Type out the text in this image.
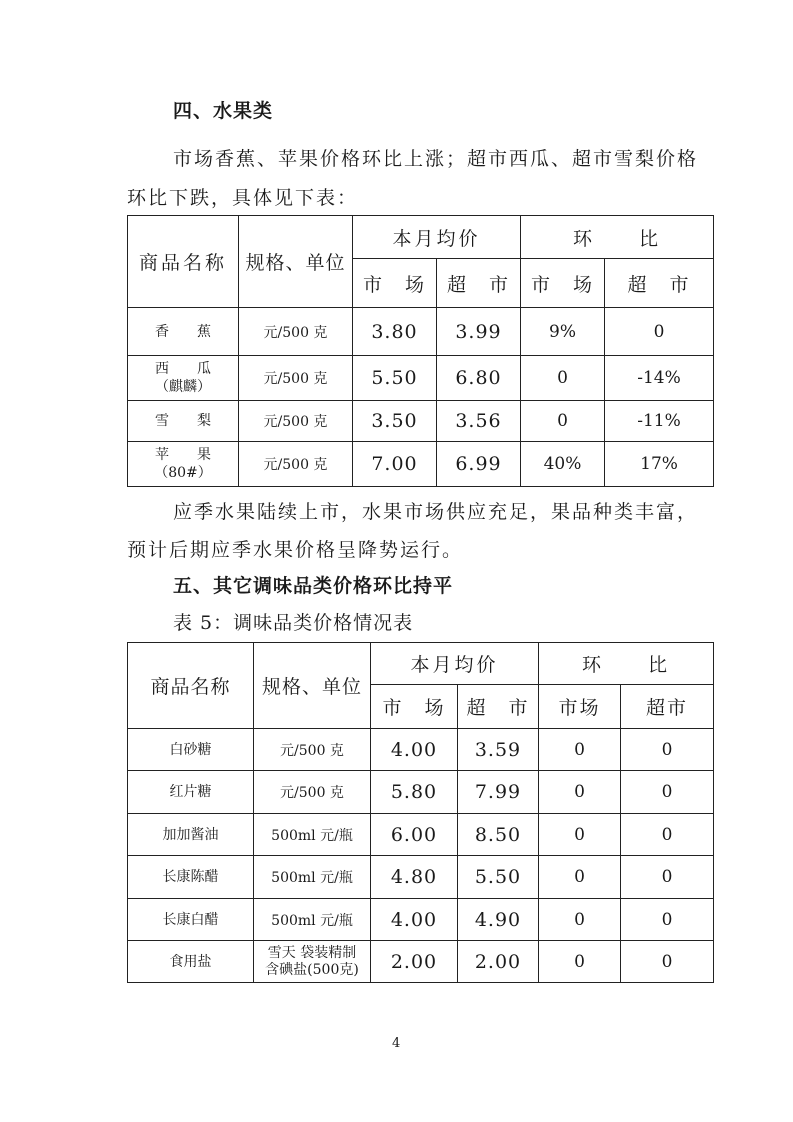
四、水果类
市场香蕉、苹果价格环比上涨；超市西瓜、超市雪梨价格
环比下跌，具体见下表：
商品名称	规格、单位	本月均价		环　　比	
		市　场	超　市	市　场	超　市

香　　蕉	元/500 克	3.80	3.99	9%	0

西　　瓜
（麒麟）	元/500 克	5.50	6.80	0	-14%

雪　　梨	元/500 克	3.50	3.56	0	-11%

苹　　果
（80#）	元/500 克	7.00	6.99	40%	17%
应季水果陆续上市，水果市场供应充足，果品种类丰富，
预计后期应季水果价格呈降势运行。
五、其它调味品类价格环比持平
表 5：调味品类价格情况表
商品名称	规格、单位	本月均价		环　　比	
		市　场	超　市	市场	超市
白砂糖	元/500 克	4.00	3.59	0	0
红片糖	元/500 克	5.80	7.99	0	0
加加酱油	500ml 元/瓶	6.00	8.50	0	0
长康陈醋	500ml 元/瓶	4.80	5.50	0	0
长康白醋	500ml 元/瓶	4.00	4.90	0	0
食用盐	雪天 袋装精制
含碘盐(500克)	2.00	2.00	0	0
4
